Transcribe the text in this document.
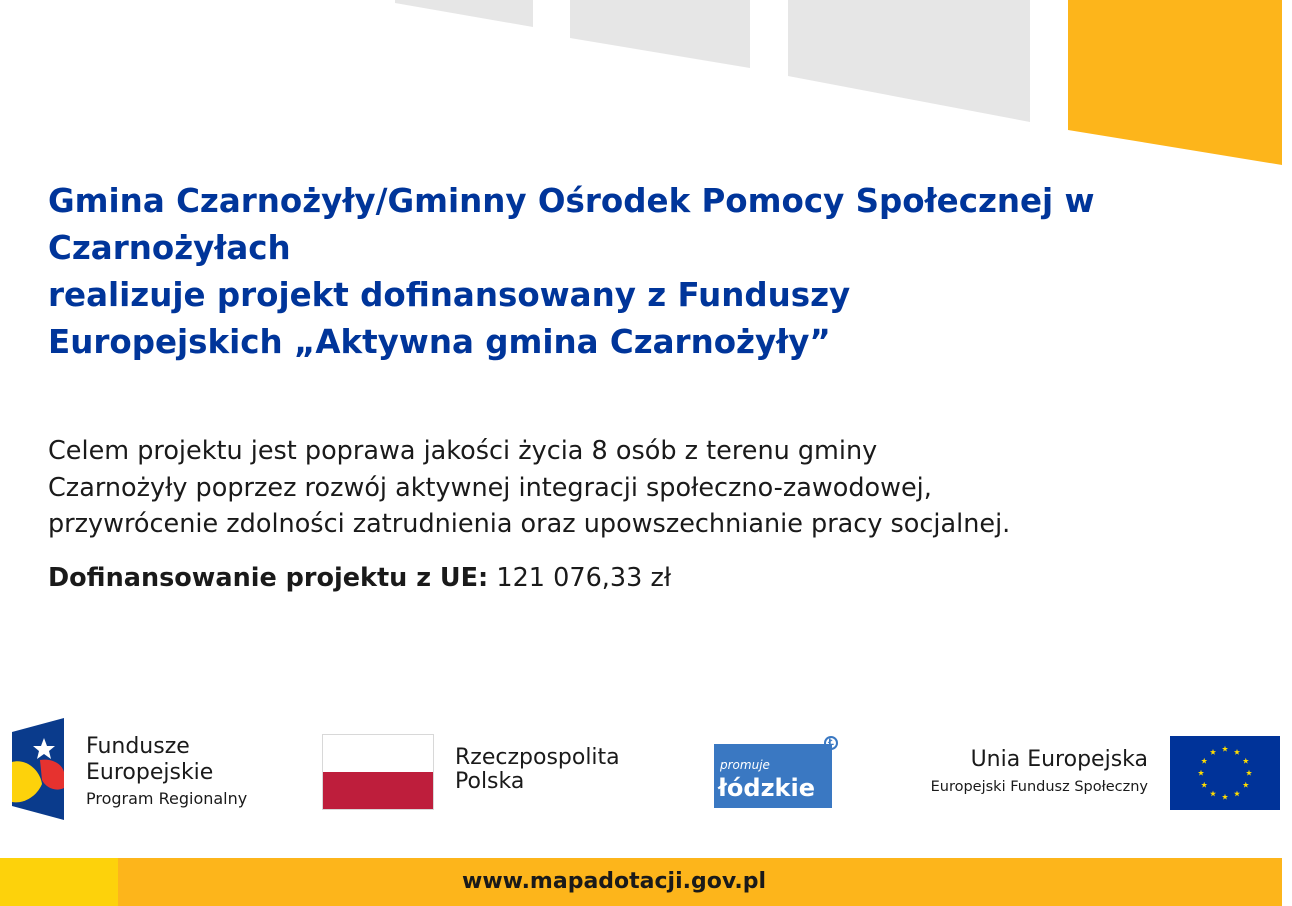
Gmina Czarnożyły/Gminny Ośrodek Pomocy Społecznej w
Czarnożyłach
realizuje projekt dofinansowany z Funduszy
Europejskich „Aktywna gmina Czarnożyły”

Celem projektu jest poprawa jakości życia 8 osób z terenu gminy
Czarnożyły poprzez rozwój aktywnej integracji społeczno-zawodowej,
przywrócenie zdolności zatrudnienia oraz upowszechnianie pracy socjalnej.

Dofinansowanie projektu z UE: 121 076,33 zł
Fundusze
Europejskie
Program Regionalny
Rzeczpospolita
Polska
promuje
łódzkie
Ł
Unia Europejska
Europejski Fundusz Społeczny
www.mapadotacji.gov.pl
